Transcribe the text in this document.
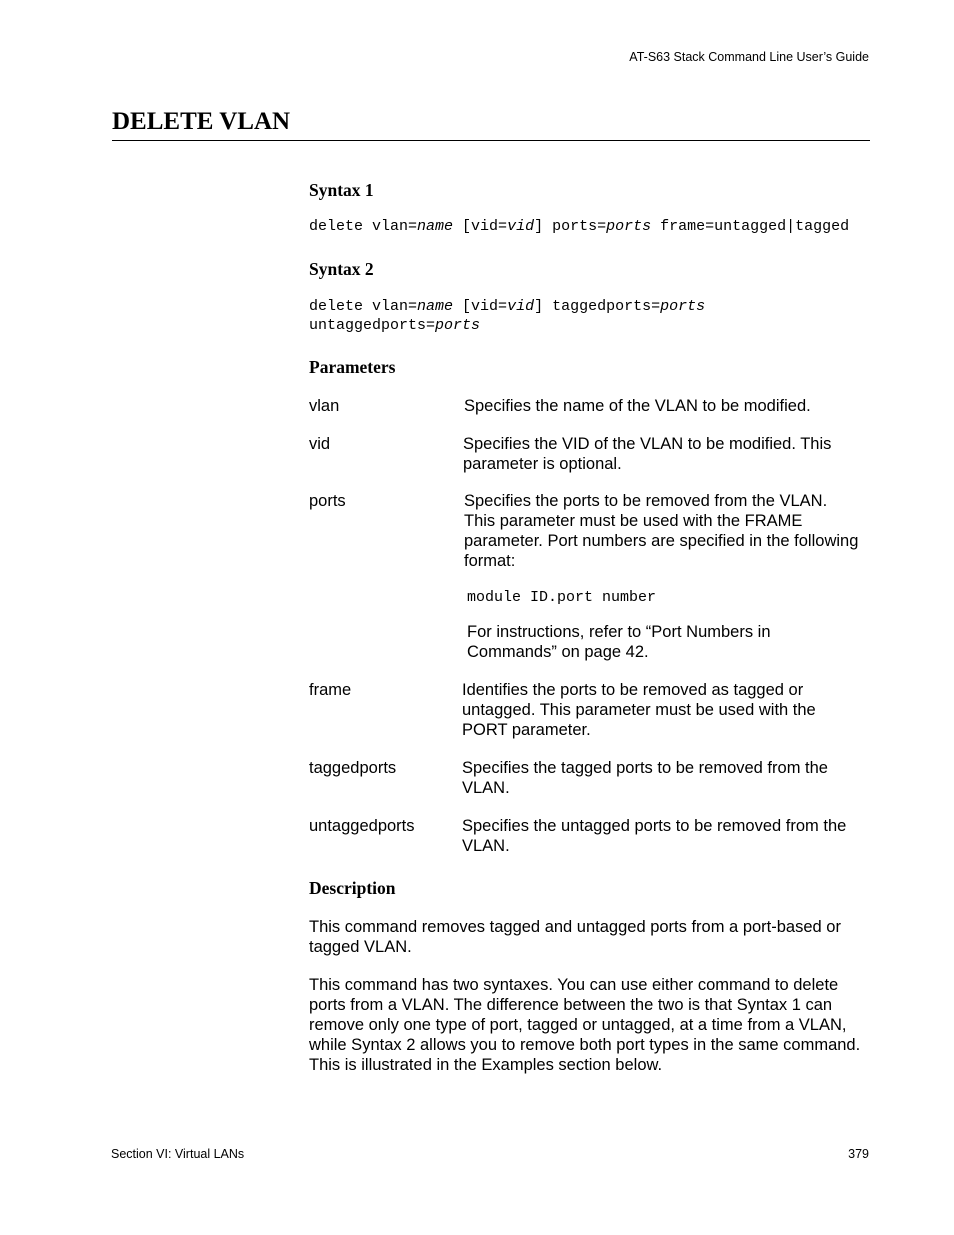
AT-S63 Stack Command Line User’s Guide
DELETE VLAN
Syntax 1
delete vlan=name [vid=vid] ports=ports frame=untagged|tagged
Syntax 2
delete vlan=name [vid=vid] taggedports=ports
untaggedports=ports
Parameters
vlan	Specifies the name of the VLAN to be modified.
vid	Specifies the VID of the VLAN to be modified. This parameter is optional.
ports	Specifies the ports to be removed from the VLAN. This parameter must be used with the FRAME parameter. Port numbers are specified in the following format:
module ID.port number
For instructions, refer to “Port Numbers in Commands” on page 42.
frame	Identifies the ports to be removed as tagged or untagged. This parameter must be used with the PORT parameter.
taggedports	Specifies the tagged ports to be removed from the VLAN.
untaggedports	Specifies the untagged ports to be removed from the VLAN.
Description
This command removes tagged and untagged ports from a port-based or tagged VLAN.
This command has two syntaxes. You can use either command to delete ports from a VLAN. The difference between the two is that Syntax 1 can remove only one type of port, tagged or untagged, at a time from a VLAN, while Syntax 2 allows you to remove both port types in the same command. This is illustrated in the Examples section below.
Section VI: Virtual LANs	379
